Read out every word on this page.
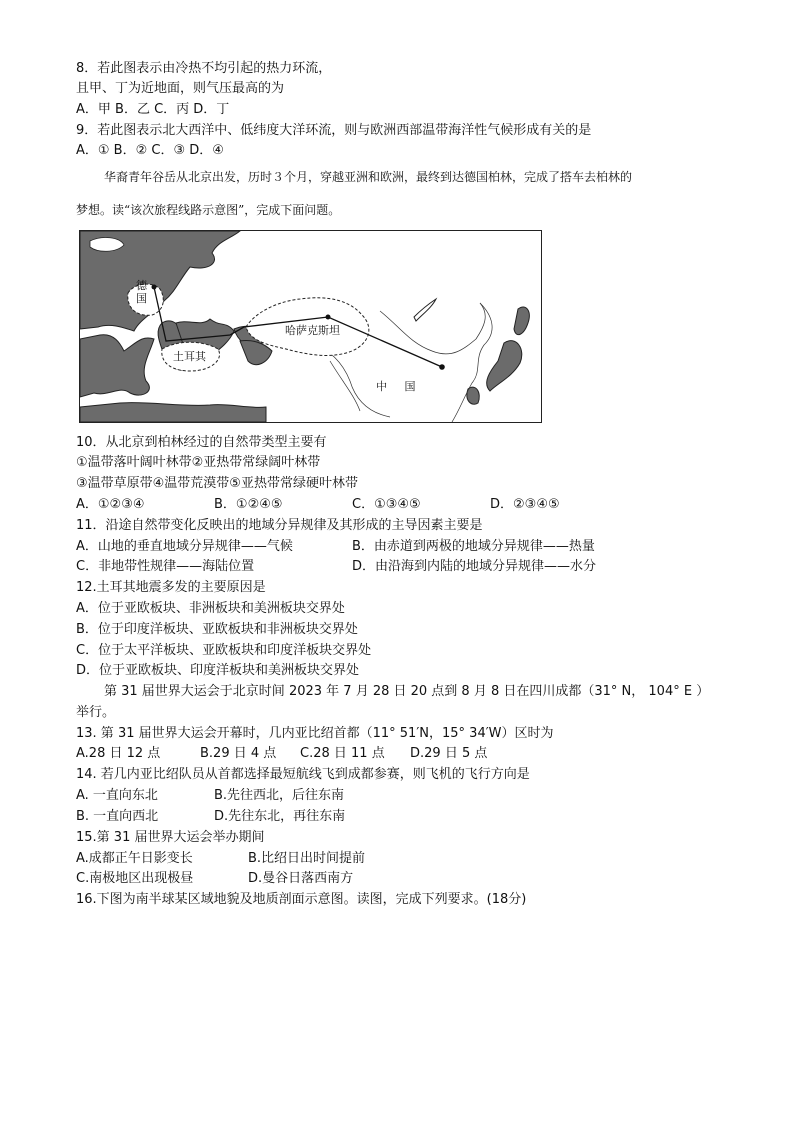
8．若此图表示由冷热不均引起的热力环流，
且甲、丁为近地面，则气压最高的为
A．甲 B．乙 C．丙 D．丁
9．若此图表示北大西洋中、低纬度大洋环流，则与欧洲西部温带海洋性气候形成有关的是
A．① B．② C．③ D．④
华裔青年谷岳从北京出发，历时３个月，穿越亚洲和欧洲，最终到达德国柏林，完成了搭车去柏林的
梦想。读“该次旅程线路示意图”，完成下面问题。
德
国
土耳其
哈萨克斯坦
中     国
10．从北京到柏林经过的自然带类型主要有
①温带落叶阔叶林带②亚热带常绿阔叶林带
③温带草原带④温带荒漠带⑤亚热带常绿硬叶林带
A．①②③④	B．①②④⑤	C．①③④⑤	D．②③④⑤
11．沿途自然带变化反映出的地域分异规律及其形成的主导因素主要是
A．山地的垂直地域分异规律——气候	B．由赤道到两极的地域分异规律——热量
C．非地带性规律——海陆位置	D．由沿海到内陆的地域分异规律——水分
12.土耳其地震多发的主要原因是
A．位于亚欧板块、非洲板块和美洲板块交界处
B．位于印度洋板块、亚欧板块和非洲板块交界处
C．位于太平洋板块、亚欧板块和印度洋板块交界处
D．位于亚欧板块、印度洋板块和美洲板块交界处
第 31 届世界大运会于北京时间 2023 年 7 月 28 日 20 点到 8 月 8 日在四川成都（31° N， 104° E ）
举行。
13. 第 31 届世界大运会开幕时，几内亚比绍首都（11° 51′N，15° 34′W）区时为
A.28 日 12 点	B.29 日 4 点 C.28 日 11 点 D.29 日 5 点
14. 若几内亚比绍队员从首都选择最短航线飞到成都参赛，则飞机的飞行方向是
A. 一直向东北	B.先往西北，后往东南
B. 一直向西北	D.先往东北，再往东南
15.第 31 届世界大运会举办期间
A.成都正午日影变长	B.比绍日出时间提前
C.南极地区出现极昼	D.曼谷日落西南方
16.下图为南半球某区域地貌及地质剖面示意图。读图，完成下列要求。(18分)
